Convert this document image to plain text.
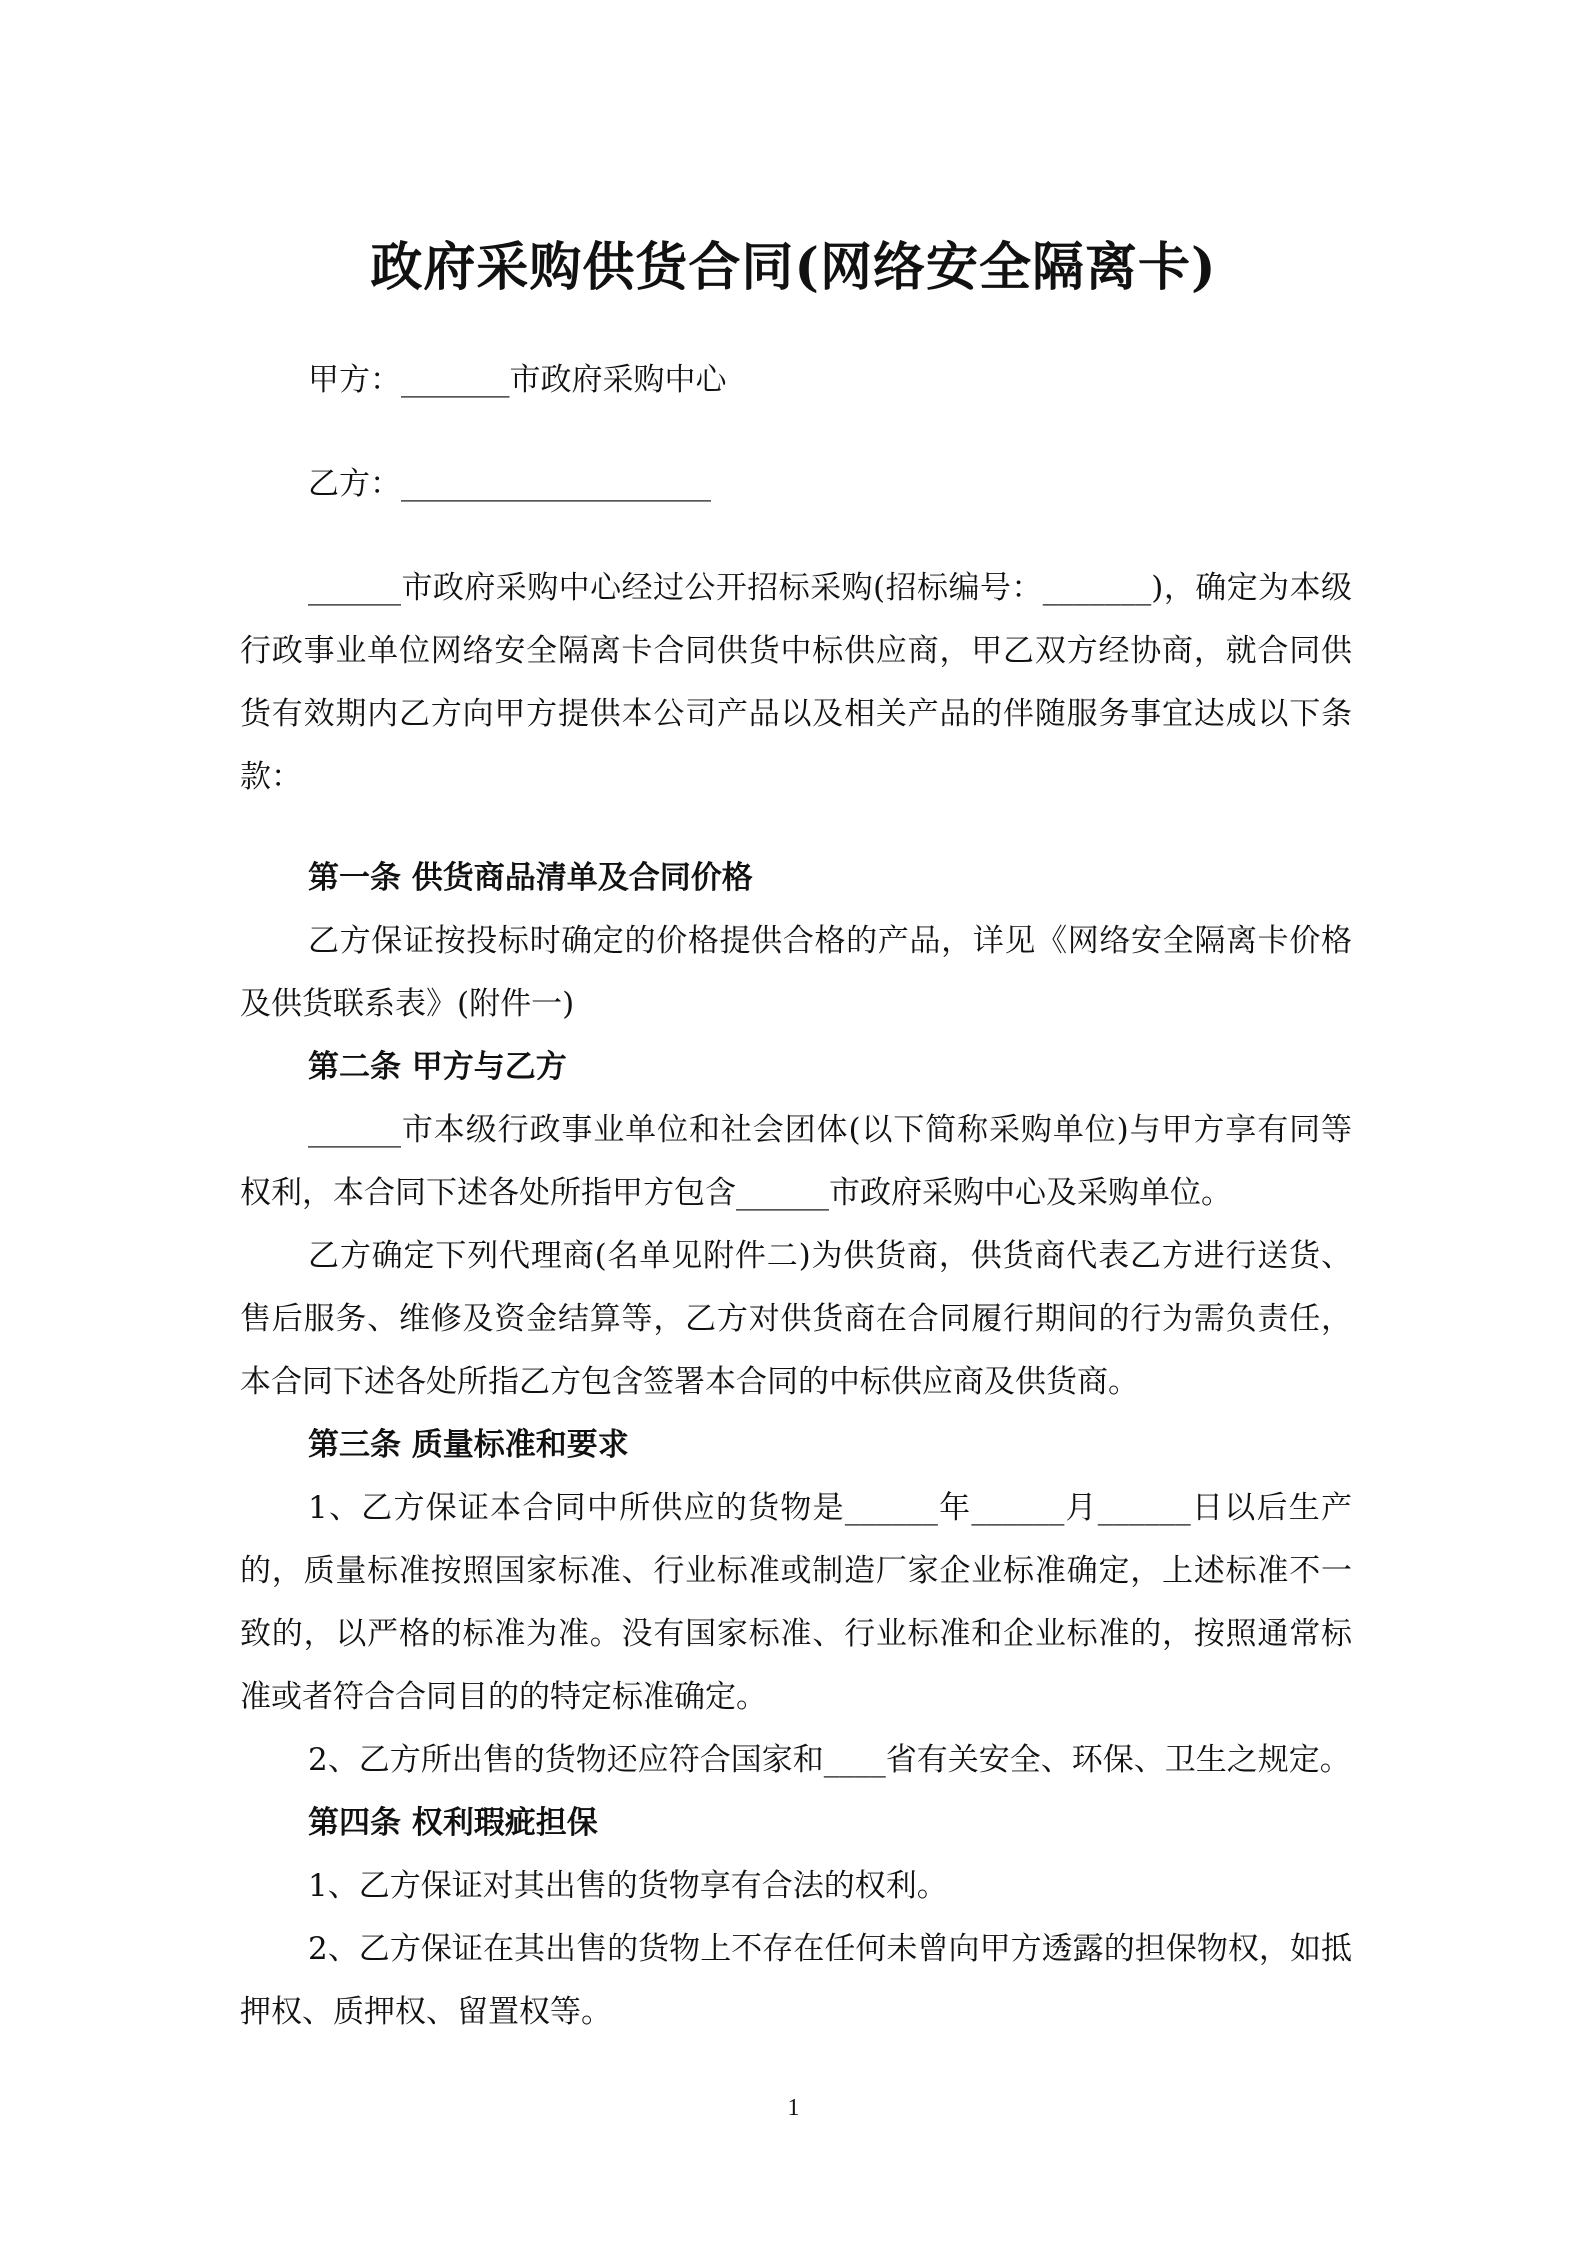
政府采购供货合同(网络安全隔离卡)
甲方：_______市政府采购中心
乙方：____________________

______市政府采购中心经过公开招标采购(招标编号：_______)，确定为本级行政事业单位网络安全隔离卡合同供货中标供应商，甲乙双方经协商，就合同供货有效期内乙方向甲方提供本公司产品以及相关产品的伴随服务事宜达成以下条款：

第一条 供货商品清单及合同价格

乙方保证按投标时确定的价格提供合格的产品，详见《网络安全隔离卡价格及供货联系表》(附件一)

第二条 甲方与乙方

______市本级行政事业单位和社会团体(以下简称采购单位)与甲方享有同等权利，本合同下述各处所指甲方包含______市政府采购中心及采购单位。

乙方确定下列代理商(名单见附件二)为供货商，供货商代表乙方进行送货、售后服务、维修及资金结算等，乙方对供货商在合同履行期间的行为需负责任，本合同下述各处所指乙方包含签署本合同的中标供应商及供货商。

第三条 质量标准和要求

1、乙方保证本合同中所供应的货物是______年______月______日以后生产的，质量标准按照国家标准、行业标准或制造厂家企业标准确定，上述标准不一致的，以严格的标准为准。没有国家标准、行业标准和企业标准的，按照通常标准或者符合合同目的的特定标准确定。

2、乙方所出售的货物还应符合国家和____省有关安全、环保、卫生之规定。

第四条 权利瑕疵担保

1、乙方保证对其出售的货物享有合法的权利。

2、乙方保证在其出售的货物上不存在任何未曾向甲方透露的担保物权，如抵押权、质押权、留置权等。

1
